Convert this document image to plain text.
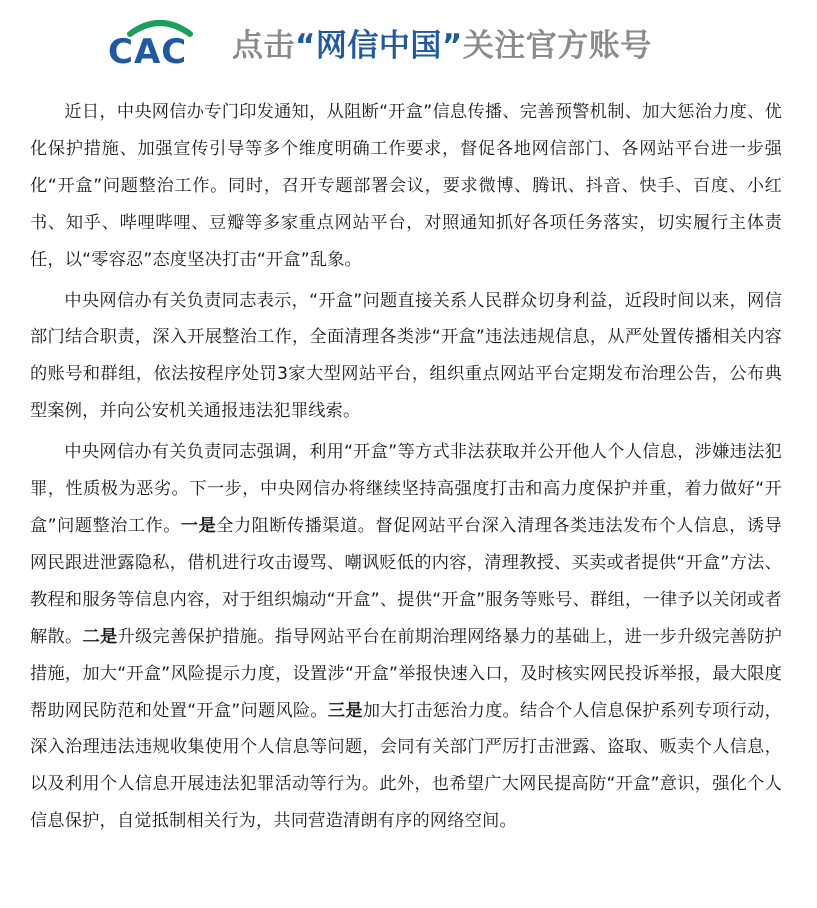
CAC 点击“网信中国”关注官方账号

近日，中央网信办专门印发通知，从阻断“开盒”信息传播、完善预警机制、加大惩治力度、优化保护措施、加强宣传引导等多个维度明确工作要求，督促各地网信部门、各网站平台进一步强化“开盒”问题整治工作。同时，召开专题部署会议，要求微博、腾讯、抖音、快手、百度、小红书、知乎、哔哩哔哩、豆瓣等多家重点网站平台，对照通知抓好各项任务落实，切实履行主体责任，以“零容忍”态度坚决打击“开盒”乱象。

中央网信办有关负责同志表示，“开盒”问题直接关系人民群众切身利益，近段时间以来，网信部门结合职责，深入开展整治工作，全面清理各类涉“开盒”违法违规信息，从严处置传播相关内容的账号和群组，依法按程序处罚3家大型网站平台，组织重点网站平台定期发布治理公告，公布典型案例，并向公安机关通报违法犯罪线索。

中央网信办有关负责同志强调，利用“开盒”等方式非法获取并公开他人个人信息，涉嫌违法犯罪，性质极为恶劣。下一步，中央网信办将继续坚持高强度打击和高力度保护并重，着力做好“开盒”问题整治工作。一是全力阻断传播渠道。督促网站平台深入清理各类违法发布个人信息，诱导网民跟进泄露隐私，借机进行攻击谩骂、嘲讽贬低的内容，清理教授、买卖或者提供“开盒”方法、教程和服务等信息内容，对于组织煽动“开盒”、提供“开盒”服务等账号、群组，一律予以关闭或者解散。二是升级完善保护措施。指导网站平台在前期治理网络暴力的基础上，进一步升级完善防护措施，加大“开盒”风险提示力度，设置涉“开盒”举报快速入口，及时核实网民投诉举报，最大限度帮助网民防范和处置“开盒”问题风险。三是加大打击惩治力度。结合个人信息保护系列专项行动，深入治理违法违规收集使用个人信息等问题，会同有关部门严厉打击泄露、盗取、贩卖个人信息，以及利用个人信息开展违法犯罪活动等行为。此外，也希望广大网民提高防“开盒”意识，强化个人信息保护，自觉抵制相关行为，共同营造清朗有序的网络空间。
